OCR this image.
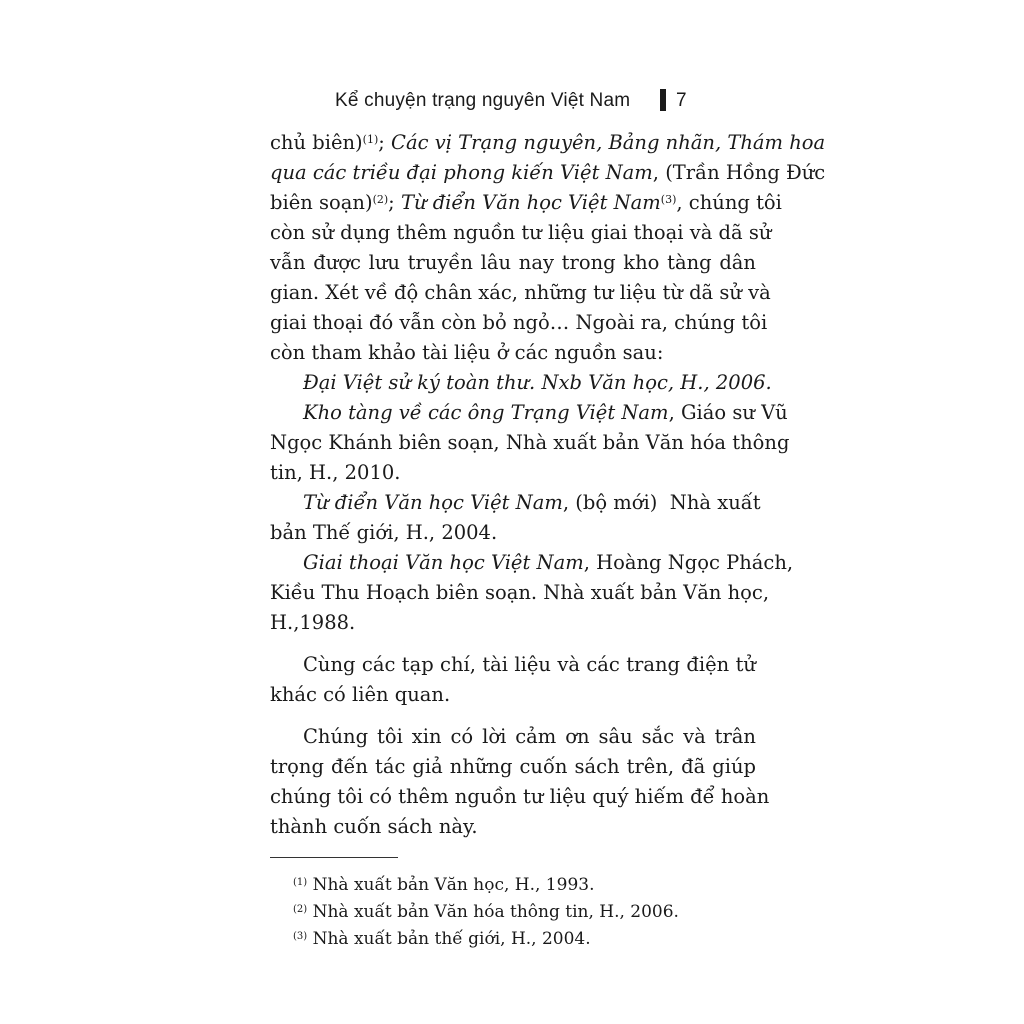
Kể chuyện trạng nguyên Việt Nam 7
chủ biên)$^{(1)}$; Các vị Trạng nguyên, Bảng nhãn, Thám hoa
qua các triều đại phong kiến Việt Nam, (Trần Hồng Đức
biên soạn)$^{(2)}$; Từ điển Văn học Việt Nam$^{(3)}$, chúng tôi
còn sử dụng thêm nguồn tư liệu giai thoại và dã sử
vẫn được lưu truyền lâu nay trong kho tàng dân
gian. Xét về độ chân xác, những tư liệu từ dã sử và
giai thoại đó vẫn còn bỏ ngỏ… Ngoài ra, chúng tôi
còn tham khảo tài liệu ở các nguồn sau:
Đại Việt sử ký toàn thư. Nxb Văn học, H., 2006.
Kho tàng về các ông Trạng Việt Nam, Giáo sư Vũ
Ngọc Khánh biên soạn, Nhà xuất bản Văn hóa thông
tin, H., 2010.
Từ điển Văn học Việt Nam, (bộ mới)  Nhà xuất
bản Thế giới, H., 2004.
Giai thoại Văn học Việt Nam, Hoàng Ngọc Phách,
Kiều Thu Hoạch biên soạn. Nhà xuất bản Văn học,
H.,1988.
Cùng các tạp chí, tài liệu và các trang điện tử
khác có liên quan.
Chúng tôi xin có lời cảm ơn sâu sắc và trân
trọng đến tác giả những cuốn sách trên, đã giúp
chúng tôi có thêm nguồn tư liệu quý hiếm để hoàn
thành cuốn sách này.
$^{(1)}$ Nhà xuất bản Văn học, H., 1993.
$^{(2)}$ Nhà xuất bản Văn hóa thông tin, H., 2006.
$^{(3)}$ Nhà xuất bản thế giới, H., 2004.
